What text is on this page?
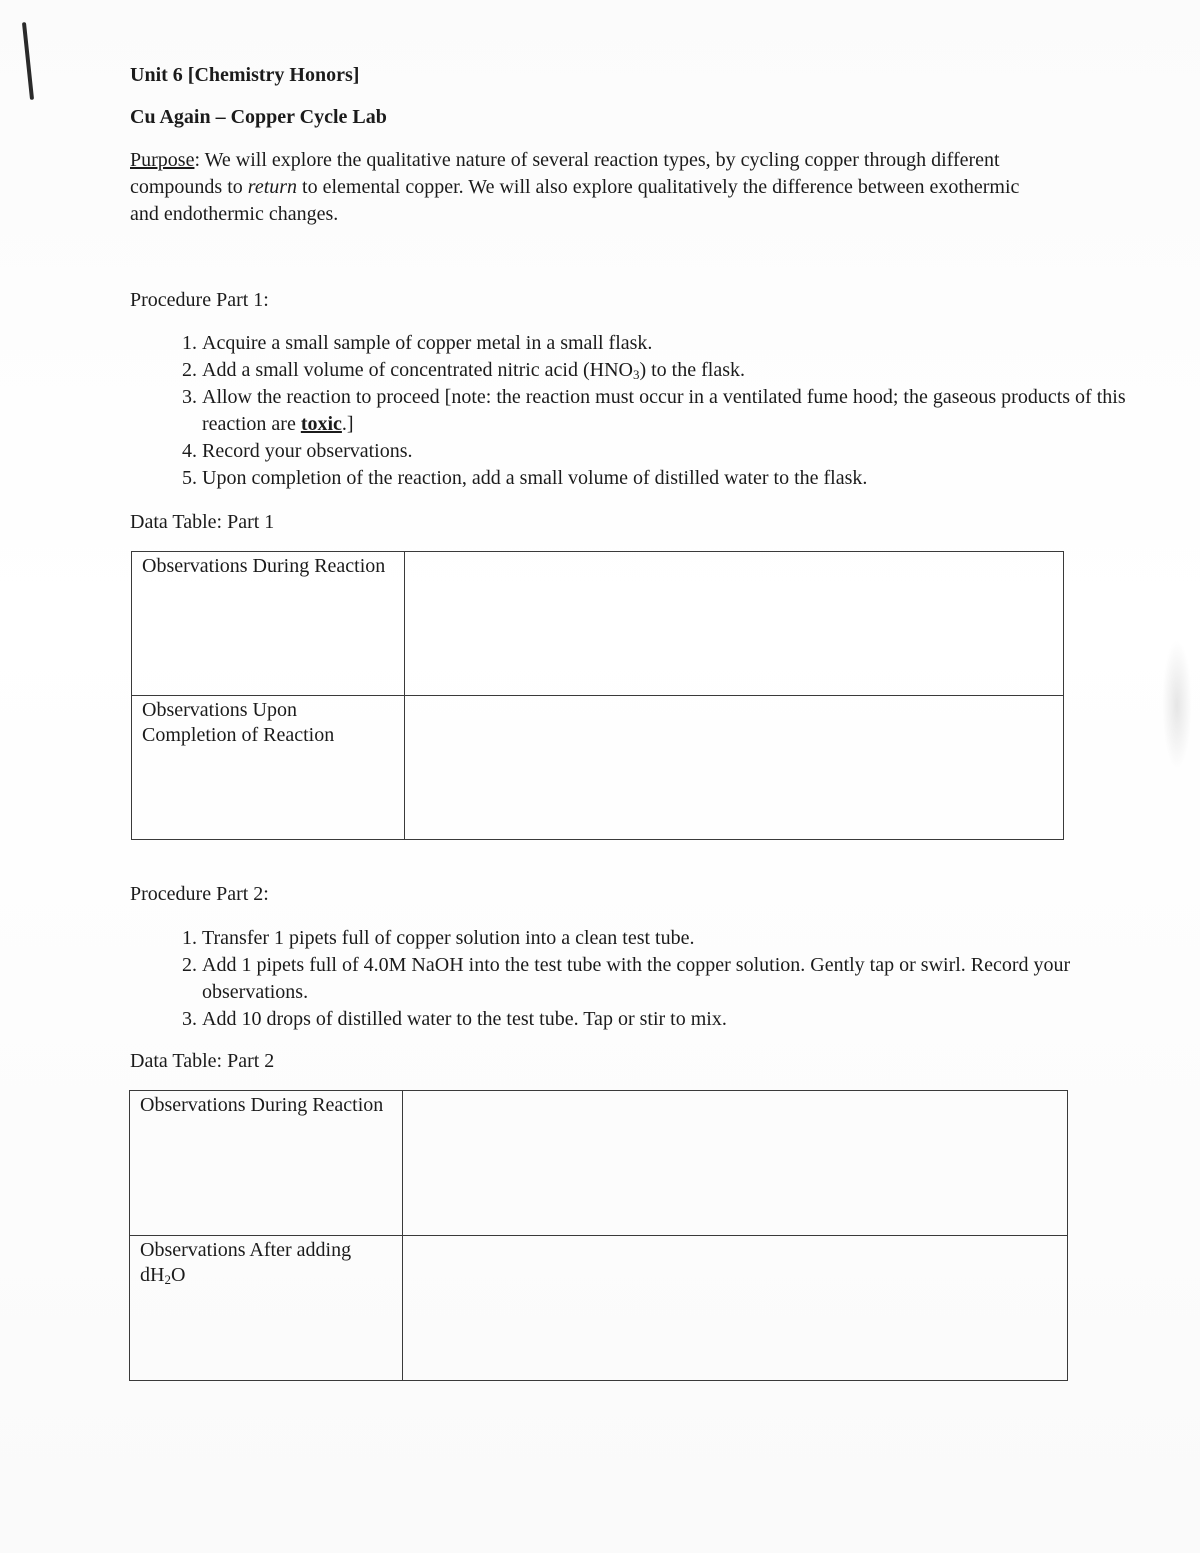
Unit 6 [Chemistry Honors]
Cu Again – Copper Cycle Lab
Purpose: We will explore the qualitative nature of several reaction types, by cycling copper through different compounds to return to elemental copper. We will also explore qualitatively the difference between exothermic and endothermic changes.
Procedure Part 1:
1. Acquire a small sample of copper metal in a small flask.
2. Add a small volume of concentrated nitric acid $(HNO_3)$ to the flask.
3. Allow the reaction to proceed [note: the reaction must occur in a ventilated fume hood; the gaseous products of this reaction are toxic.]
4. Record your observations.
5. Upon completion of the reaction, add a small volume of distilled water to the flask.
Data Table: Part 1
Observations During Reaction	
Observations Upon Completion of Reaction	
Procedure Part 2:
1. Transfer 1 pipets full of copper solution into a clean test tube.
2. Add 1 pipets full of 4.0M NaOH into the test tube with the copper solution. Gently tap or swirl. Record your observations.
3. Add 10 drops of distilled water to the test tube. Tap or stir to mix.
Data Table: Part 2
Observations During Reaction	
Observations After adding $dH_2O$	
